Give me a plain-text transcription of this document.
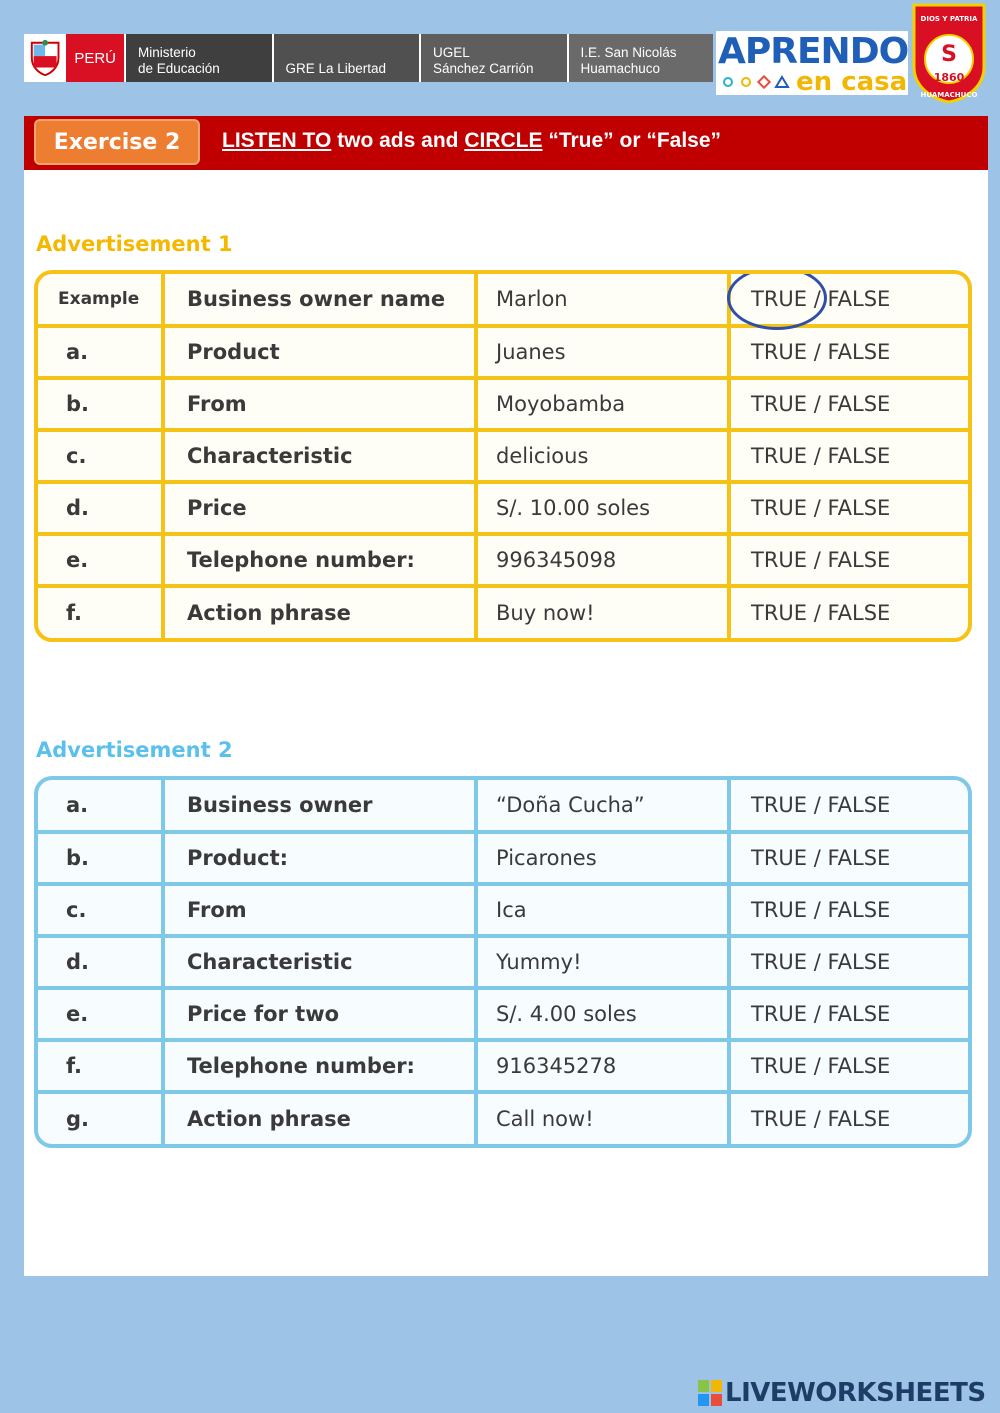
PERÚ	Ministerio
de Educación	GRE La Libertad
UGEL
Sánchez Carrión
I.E. San Nicolás
Huamachuco	APRENDO
en casa
S
1860
DIOS Y PATRIA
HUAMACHUCO
Exercise 2	LISTEN TO two ads and CIRCLE “True” or “False”
Advertisement 1
Example	Business owner name	Marlon	TRUE / FALSE

a.	Product	Juanes	TRUE / FALSE
b.	From	Moyobamba	TRUE / FALSE
c.	Characteristic	delicious	TRUE / FALSE
d.	Price	S/. 10.00 soles	TRUE / FALSE
e.	Telephone number:	996345098	TRUE / FALSE
f.	Action phrase	Buy now!	TRUE / FALSE
Advertisement 2
a.	Business owner	“Doña Cucha”	TRUE / FALSE
b.	Product:	Picarones	TRUE / FALSE
c.	From	Ica	TRUE / FALSE
d.	Characteristic	Yummy!	TRUE / FALSE
e.	Price for two	S/. 4.00 soles	TRUE / FALSE
f.	Telephone number:	916345278	TRUE / FALSE
g.	Action phrase	Call now!	TRUE / FALSE
LIVEWORKSHEETS
